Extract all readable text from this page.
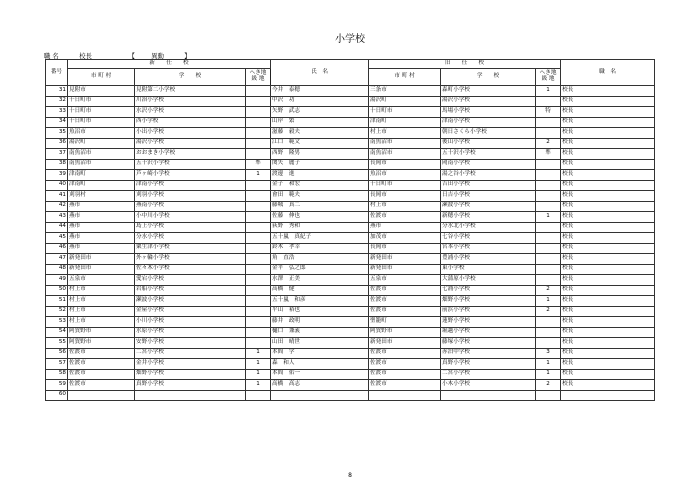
小学校
職 名	校長	【	異動	】
番号	新　　任　　校			氏　名	旧　　任　　校			職　名
	市 町 村	学　　校	へき地
級 地		市 町 村	学　　校	へき地
級 地	
31	見附市	見附第二小学校		今井　泰穂	三条市	森町小学校	1	校長
32	十日町市	川治小学校		中沢　功	湯沢町	湯沢小学校		校長
33	十日町市	水沢小学校		矢野　武志	十日町市	馬場小学校	特	校長
34	十日町市	西小学校		山岸　繁	津南町	津南小学校		校長
35	魚沼市	小出小学校		滋藤　毅夫	村上市	朝日さくら小学校		校長
36	湯沢町	湯沢小学校		江口　範文	南魚沼市	後山小学校	2	校長
37	南魚沼市	おおまき小学校		西野　隆男	南魚沼市	五十沢小学校	準	校長
38	南魚沼市	五十沢小学校	準	関矢　麗子	長岡市	岡南小学校		校長
39	津南町	芦ヶ崎小学校	1	渡邊　進	魚沼市	湯之谷小学校		校長
40	津南町	津南小学校		金子　和宏	十日町市	吉田小学校		校長
41	刈羽村	刈羽小学校		會田　範夫	長岡市	日吉小学校		校長
42	燕市	燕南小学校		藤城　真二	村上市	瀬波小学校		校長
43	燕市	小中川小学校		佐藤　伸也	佐渡市	新穂小学校	1	校長
44	燕市	島上小学校		荻野　秀和	燕市	分水北小学校		校長
45	燕市	分水小学校		五十嵐　真紀子	加茂市	七谷小学校		校長
46	燕市	粟生津小学校		鈴木　孝幸	長岡市	宮本小学校		校長
47	新発田市	外ヶ輪小学校		角　直浩	新発田市	豊浦小学校		校長
48	新発田市	佐々木小学校		金平　弘之郎	新発田市	東小学校		校長
49	五泉市	愛宕小学校		水澤　正美	五泉市	大蒲原小学校		校長
50	村上市	岩船小学校		高橋　健	佐渡市	七浦小学校	2	校長
51	村上市	瀬波小学校		五十嵐　和彦	佐渡市	畑野小学校	1	校長
52	村上市	金屋小学校		平山　裕也	佐渡市	前浜小学校	2	校長
53	村上市	小川小学校		藤井　政明	聖籠町	蓮野小学校		校長
54	阿賀野市	水原小学校		樋口　兼義	阿賀野市	堀越小学校		校長
55	阿賀野市	安野小学校		山田　晴世	新発田市	藤塚小学校		校長
56	佐渡市	二宮小学校	1	本間　学	佐渡市	赤泊中学校	3	校長
57	佐渡市	金井小学校	1	森　和人	佐渡市	真野小学校	1	校長
58	佐渡市	畑野小学校	1	本間　佑一	佐渡市	二宮小学校	1	校長
59	佐渡市	真野小学校	1	高橋　高志	佐渡市	小木小学校	2	校長
60								
8
